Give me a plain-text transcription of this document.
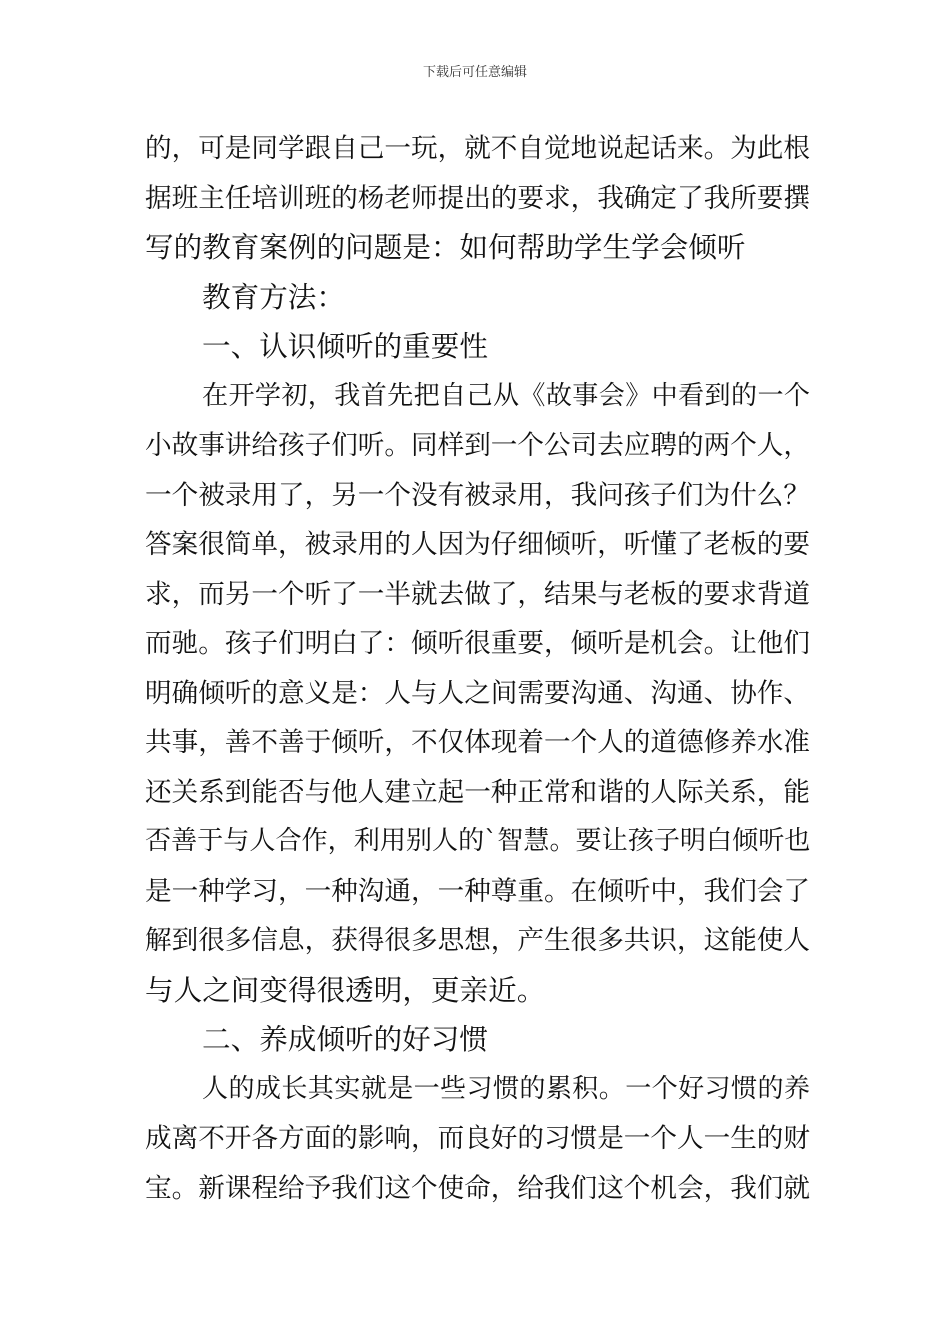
下载后可任意编辑
的，可是同学跟自己一玩，就不自觉地说起话来。为此根
据班主任培训班的杨老师提出的要求，我确定了我所要撰
写的教育案例的问题是：如何帮助学生学会倾听
教育方法：
一、认识倾听的重要性
在开学初，我首先把自己从《故事会》中看到的一个
小故事讲给孩子们听。同样到一个公司去应聘的两个人，
一个被录用了，另一个没有被录用，我问孩子们为什么？
答案很简单，被录用的人因为仔细倾听，听懂了老板的要
求，而另一个听了一半就去做了，结果与老板的要求背道
而驰。孩子们明白了：倾听很重要，倾听是机会。让他们
明确倾听的意义是：人与人之间需要沟通、沟通、协作、
共事，善不善于倾听，不仅体现着一个人的道德修养水准
还关系到能否与他人建立起一种正常和谐的人际关系，能
否善于与人合作，利用别人的`智慧。要让孩子明白倾听也
是一种学习，一种沟通，一种尊重。在倾听中，我们会了
解到很多信息，获得很多思想，产生很多共识，这能使人
与人之间变得很透明，更亲近。
二、养成倾听的好习惯
人的成长其实就是一些习惯的累积。一个好习惯的养
成离不开各方面的影响，而良好的习惯是一个人一生的财
宝。新课程给予我们这个使命，给我们这个机会，我们就
